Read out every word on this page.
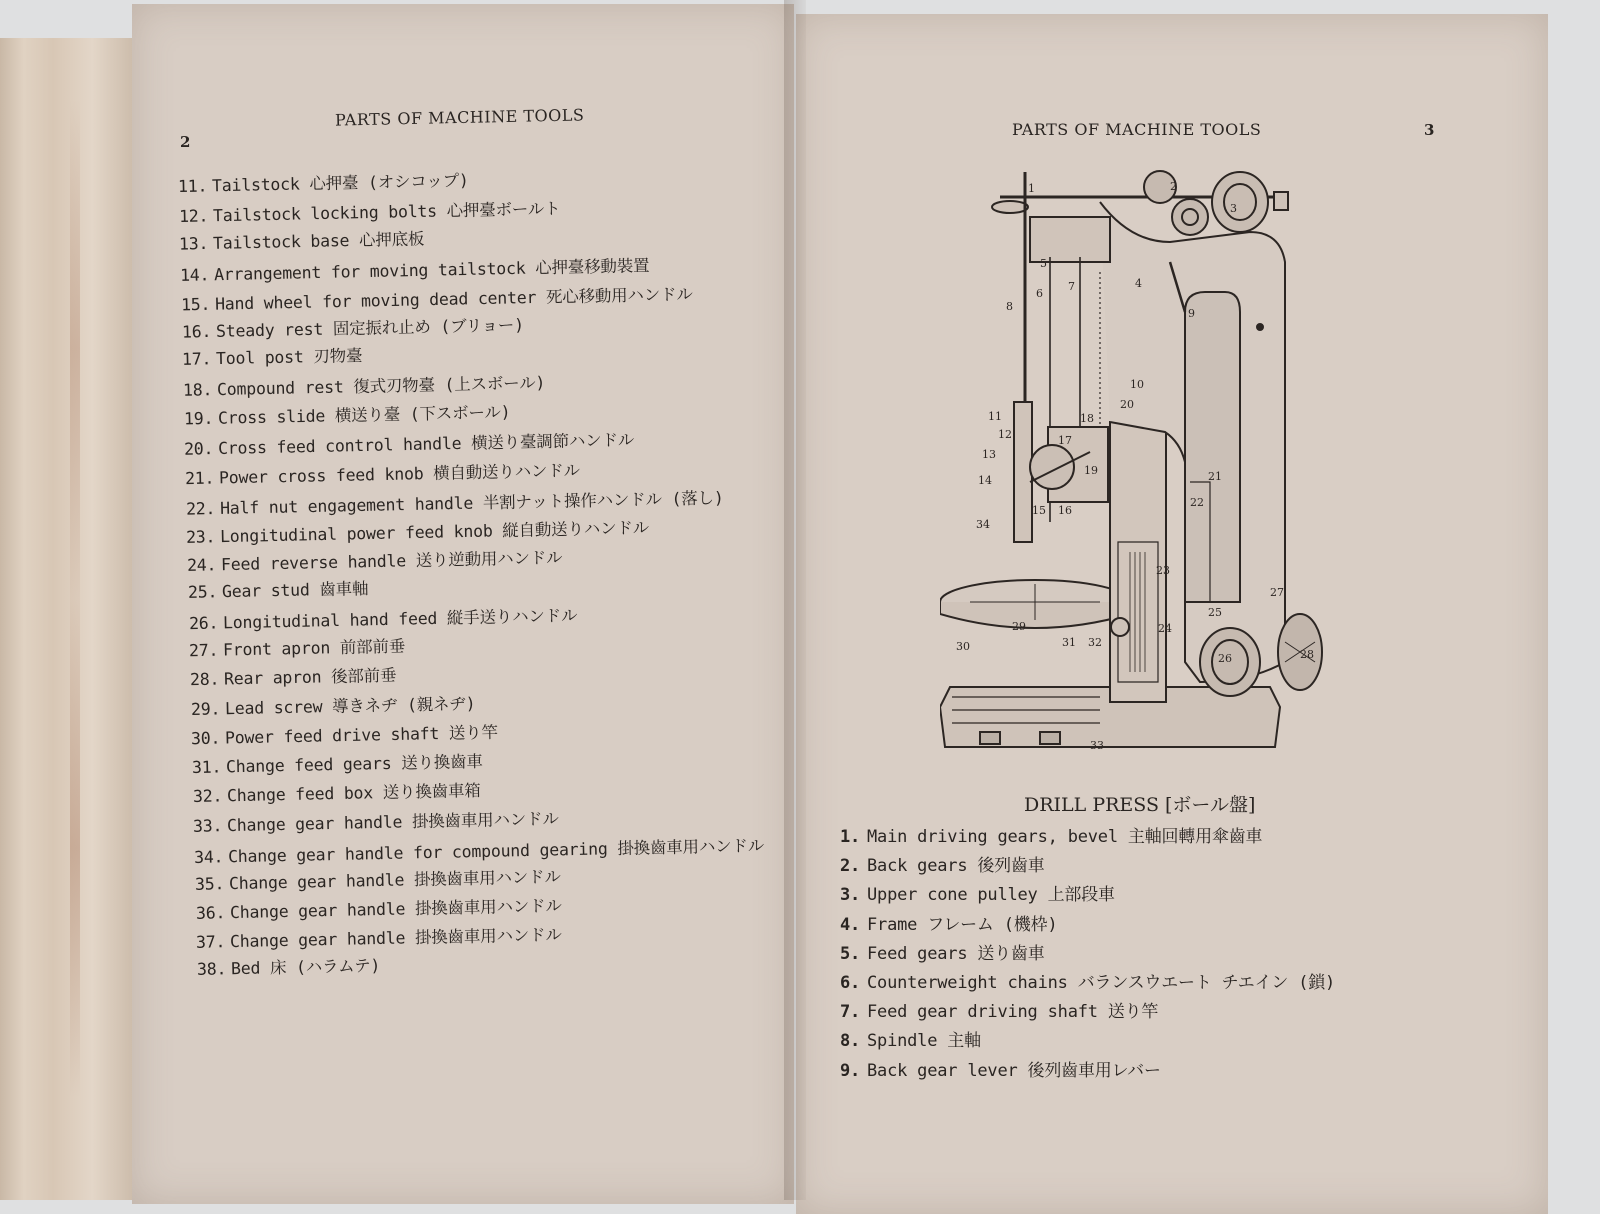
2
PARTS OF MACHINE TOOLS
11. Tailstock 心押臺 (オシコップ)
12. Tailstock locking bolts 心押臺ボールト
13. Tailstock base 心押底板
14. Arrangement for moving tailstock 心押臺移動裝置
15. Hand wheel for moving dead center 死心移動用ハンドル
16. Steady rest 固定振れ止め (ブリョー)
17. Tool post 刃物臺
18. Compound rest 復式刃物臺 (上スボール)
19. Cross slide 横送り臺 (下スボール)
20. Cross feed control handle 横送り臺調節ハンドル
21. Power cross feed knob 横自動送りハンドル
22. Half nut engagement handle 半割ナット操作ハンドル (落し)
23. Longitudinal power feed knob 縦自動送りハンドル
24. Feed reverse handle 送り逆動用ハンドル
25. Gear stud 齒車軸
26. Longitudinal hand feed 縦手送りハンドル
27. Front apron 前部前垂
28. Rear apron 後部前垂
29. Lead screw 導きネヂ (親ネヂ)
30. Power feed drive shaft 送り竿
31. Change feed gears 送り換齒車
32. Change feed box 送り換齒車箱
33. Change gear handle 掛換齒車用ハンドル
34. Change gear handle for compound gearing 掛換齒車用ハンドル
35. Change gear handle 掛換齒車用ハンドル
36. Change gear handle 掛換齒車用ハンドル
37. Change gear handle 掛換齒車用ハンドル
38. Bed 床 (ハラムテ)
PARTS OF MACHINE TOOLS	3
1	2
3
4
5
6
7
8
9
10
11
12
13
14
15 16
17
18
19
20
21
22
23
24
25
26
27
28
29
30	31 32
33
34
DRILL PRESS [ボール盤]
1. Main driving gears, bevel 主軸回轉用傘齒車
2. Back gears 後列齒車
3. Upper cone pulley 上部段車
4. Frame フレーム (機枠)
5. Feed gears 送り齒車
6. Counterweight chains バランスウエート チエイン (鎖)
7. Feed gear driving shaft 送り竿
8. Spindle 主軸
9. Back gear lever 後列齒車用レバー
